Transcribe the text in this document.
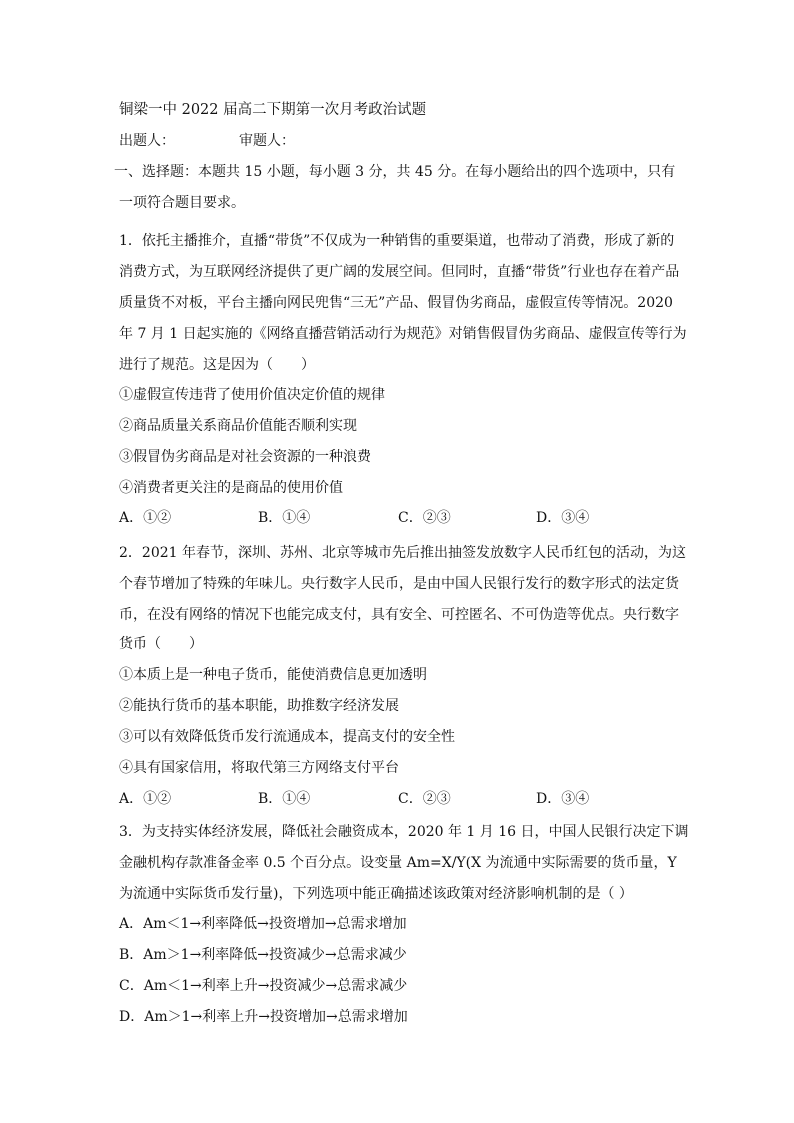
铜梁一中 2022 届高二下期第一次月考政治试题
出题人：	审题人：
一、选择题：本题共 15 小题，每小题 3 分，共 45 分。在每小题给出的四个选项中，只有
一项符合题目要求。
1．依托主播推介，直播“带货”不仅成为一种销售的重要渠道，也带动了消费，形成了新的
消费方式，为互联网经济提供了更广阔的发展空间。但同时，直播“带货”行业也存在着产品
质量货不对板，平台主播向网民兜售“三无”产品、假冒伪劣商品，虚假宣传等情况。2020
年 7 月 1 日起实施的《网络直播营销活动行为规范》对销售假冒伪劣商品、虚假宣传等行为
进行了规范。这是因为（　　）
①虚假宣传违背了使用价值决定价值的规律
②商品质量关系商品价值能否顺利实现
③假冒伪劣商品是对社会资源的一种浪费
④消费者更关注的是商品的使用价值
A．①②	B．①④	C．②③	D．③④
2．2021 年春节，深圳、苏州、北京等城市先后推出抽签发放数字人民币红包的活动，为这
个春节增加了特殊的年味儿。央行数字人民币，是由中国人民银行发行的数字形式的法定货
币，在没有网络的情况下也能完成支付，具有安全、可控匿名、不可伪造等优点。央行数字
货币（　　）
①本质上是一种电子货币，能使消费信息更加透明
②能执行货币的基本职能，助推数字经济发展
③可以有效降低货币发行流通成本，提高支付的安全性
④具有国家信用，将取代第三方网络支付平台
A．①②	B．①④	C．②③	D．③④
3．为支持实体经济发展，降低社会融资成本，2020 年 1 月 16 日，中国人民银行决定下调
金融机构存款准备金率 0.5 个百分点。设变量 Am=X/Y(X 为流通中实际需要的货币量，Y
为流通中实际货币发行量)，下列选项中能正确描述该政策对经济影响机制的是（ ）
A．Am＜1→利率降低→投资增加→总需求增加
B．Am＞1→利率降低→投资减少→总需求减少
C．Am＜1→利率上升→投资减少→总需求减少
D．Am＞1→利率上升→投资增加→总需求增加
